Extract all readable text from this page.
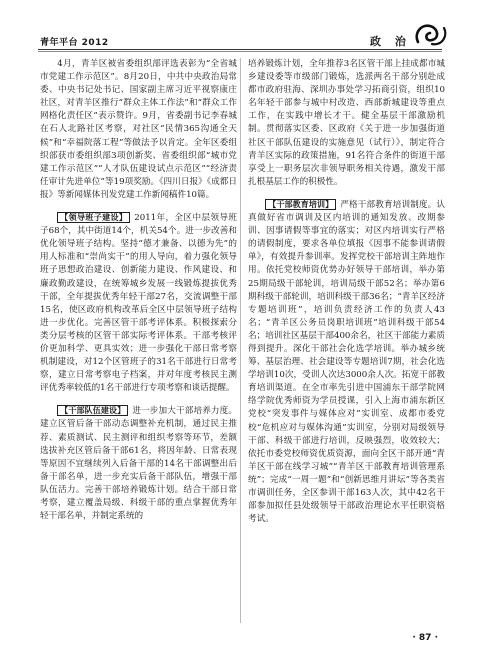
青年平台 2012	政 治

4月，青羊区被省委组织部评选表彰为“全省城市党建工作示范区”。8月20日，中共中央政治局常委、中央书记处书记、国家副主席习近平视察康庄社区，对青羊区推行“群众主体工作法”和“群众工作网格化责任区”表示赞许。9月，省委副书记李春城在石人北路社区考察，对社区“民情365沟通全天候”和“幸福院落工程”等做法予以肯定。全年区委组织部获市委组织部3项创新奖、省委组织部“城市党建工作示范区”“人才队伍建设试点示范区”“经济责任审计先进单位”等19项奖励。《四川日报》《成都日报》等新闻媒体刊发党建工作新闻稿件10篇。

【领导班子建设】 2011年，全区中层领导班子68个，其中街道14个，机关54个。进一步改善和优化领导班子结构。坚持“德才兼备、以德为先”的用人标准和“崇尚实干”的用人导向，着力强化领导班子思想政治建设、创新能力建设、作风建设、和廉政勤政建设，在统筹城乡发展一线锻炼提拔优秀干部，全年提拔优秀年轻干部27名，交流调整干部15名，使区政府机构改革后全区中层领导班子结构进一步优化。完善区管干部考评体系。积极探索分类分层考核的区管干部实际考评体系。干部考核评价更加科学、更具实效；进一步强化干部日常考察机制建设，对12个区管班子的31名干部进行日常考察，建立日常考察电子档案，并对年度考核民主测评优秀率较低的1名干部进行专项考察和谈话提醒。

【干部队伍建设】 进一步加大干部培养力度。建立区管后备干部动态调整补充机制，通过民主推荐、素质测试、民主测评和组织考察等环节，差额选拔补充区管后备干部61名，将因年龄、日常表现等原因不宜继续列入后备干部的14名干部调整出后备干部名单，进一步充实后备干部队伍，增强干部队伍活力。完善干部培养锻炼计划。结合干部日常考察，建立覆盖局级、科级干部的重点掌握优秀年轻干部名单，并制定系统的

培养锻炼计划，全年推荐3名区管干部上挂成都市城乡建设委等市级部门锻炼，选派两名干部分别赴成都市政府驻海、深圳办事处学习拓商引资，组织10名年轻干部参与城中村改造、西部新城建设等重点工作，在实践中增长才干。健全基层干部激励机制。贯彻落实区委、区政府《关于进一步加强街道社区干部队伍建设的实施意见（试行）》，制定符合青羊区实际的政策措施，91名符合条件的街道干部享受上一职务层次非领导职务相关待遇，激发干部扎根基层工作的积极性。

【干部教育培训】 严格干部教育培训制度。认真做好省市调训及区内培训的通知发放、改期参训、因事请假等事宜的落实；对区内培训实行严格的请假制度，要求各单位填报《因事不能参训请假单》，有效提升参训率。发挥党校干部培训主阵地作用。依托党校师资优势办好领导干部培训，举办第25期局级干部轮训，培训局级干部52名；举办第6期科级干部轮训，培训科级干部36名；“青羊区经济专题培训班”，培训负责经济工作的负责人43名；“青羊区公务员岗职培训班”培训科级干部54名；培训社区基层干部400余名，社区干部能力素质得到提升。深化干部社会化选学培训。举办城乡统筹、基层治理、社会建设等专题培训7期，社会化选学培训10次，受训人次达3000余人次。拓宽干部教育培训渠道。在全市率先引进中国浦东干部学院网络学院优秀师资为学员授课，引入上海市浦东新区党校“突发事件与媒体应对”实训室、成都市委党校“危机应对与媒体沟通”实训室，分别对局级领导干部、科级干部进行培训，反映强烈，收效较大；依托市委党校师资优质资源，面向全区干部开通“青羊区干部在线学习城”“青羊区干部教育培训管理系统”；完成“一周一题”和“创新思维月讲坛”等各类省市调训任务，全区参训干部163人次，其中42名干部参加拟任县处级领导干部政治理论水平任职资格考试。

· 87 ·
